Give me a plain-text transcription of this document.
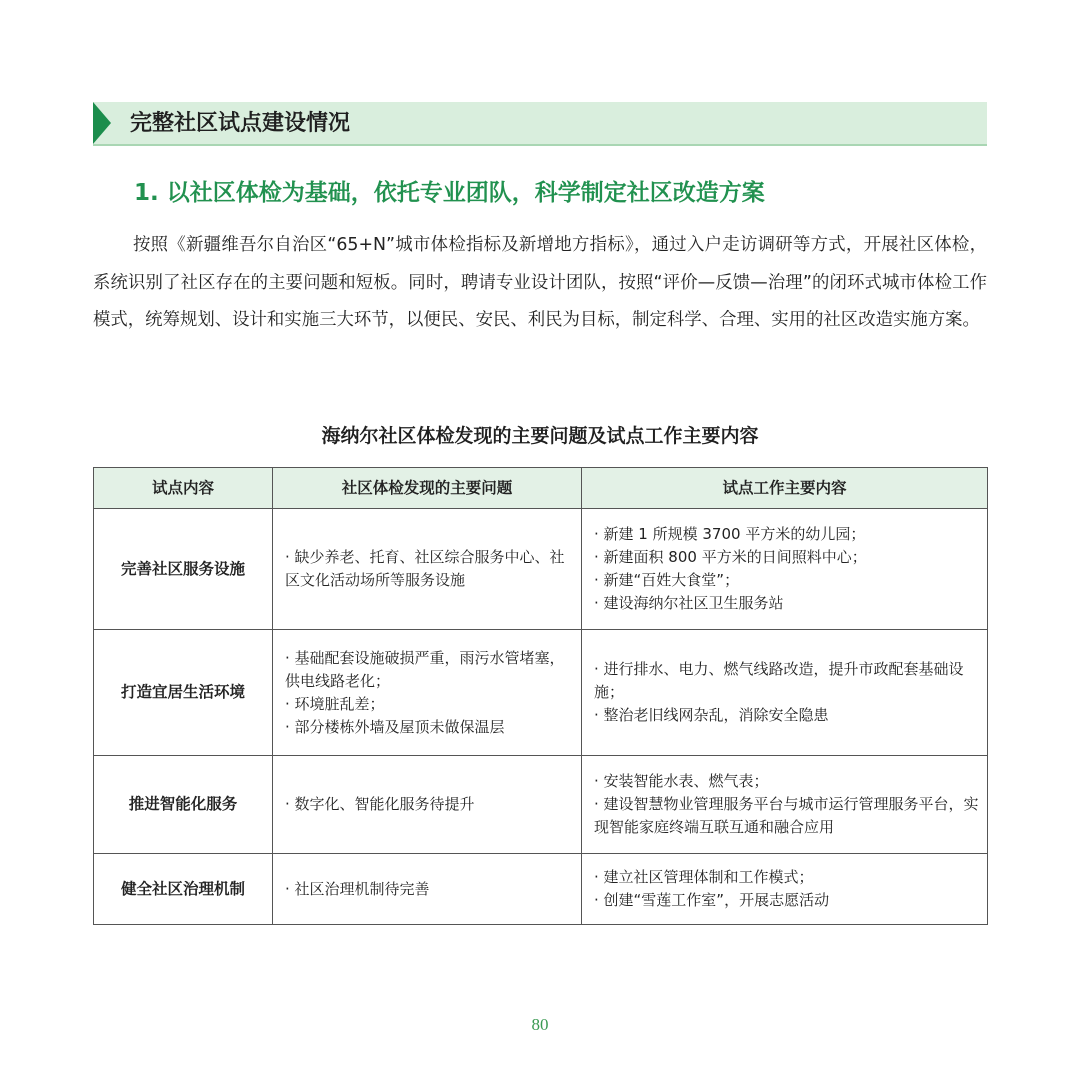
完整社区试点建设情况
1. 以社区体检为基础，依托专业团队，科学制定社区改造方案

按照《新疆维吾尔自治区“65+N”城市体检指标及新增地方指标》，通过入户走访调研等方式，开展社区体检，系统识别了社区存在的主要问题和短板。同时，聘请专业设计团队，按照“评价—反馈—治理”的闭环式城市体检工作模式，统筹规划、设计和实施三大环节，以便民、安民、利民为目标，制定科学、合理、实用的社区改造实施方案。

海纳尔社区体检发现的主要问题及试点工作主要内容
试点内容	社区体检发现的主要问题	试点工作主要内容
完善社区服务设施	· 缺少养老、托育、社区综合服务中心、社区文化活动场所等服务设施	· 新建 1 所规模 3700 平方米的幼儿园；
· 新建面积 800 平方米的日间照料中心；
· 新建“百姓大食堂”；
· 建设海纳尔社区卫生服务站

打造宜居生活环境	· 基础配套设施破损严重，雨污水管堵塞，供电线路老化；
· 环境脏乱差；
· 部分楼栋外墙及屋顶未做保温层	· 进行排水、电力、燃气线路改造，提升市政配套基础设施；
· 整治老旧线网杂乱，消除安全隐患

推进智能化服务	· 数字化、智能化服务待提升	· 安装智能水表、燃气表；
· 建设智慧物业管理服务平台与城市运行管理服务平台，实现智能家庭终端互联互通和融合应用

健全社区治理机制	· 社区治理机制待完善	· 建立社区管理体制和工作模式；
· 创建“雪莲工作室”，开展志愿活动
80
